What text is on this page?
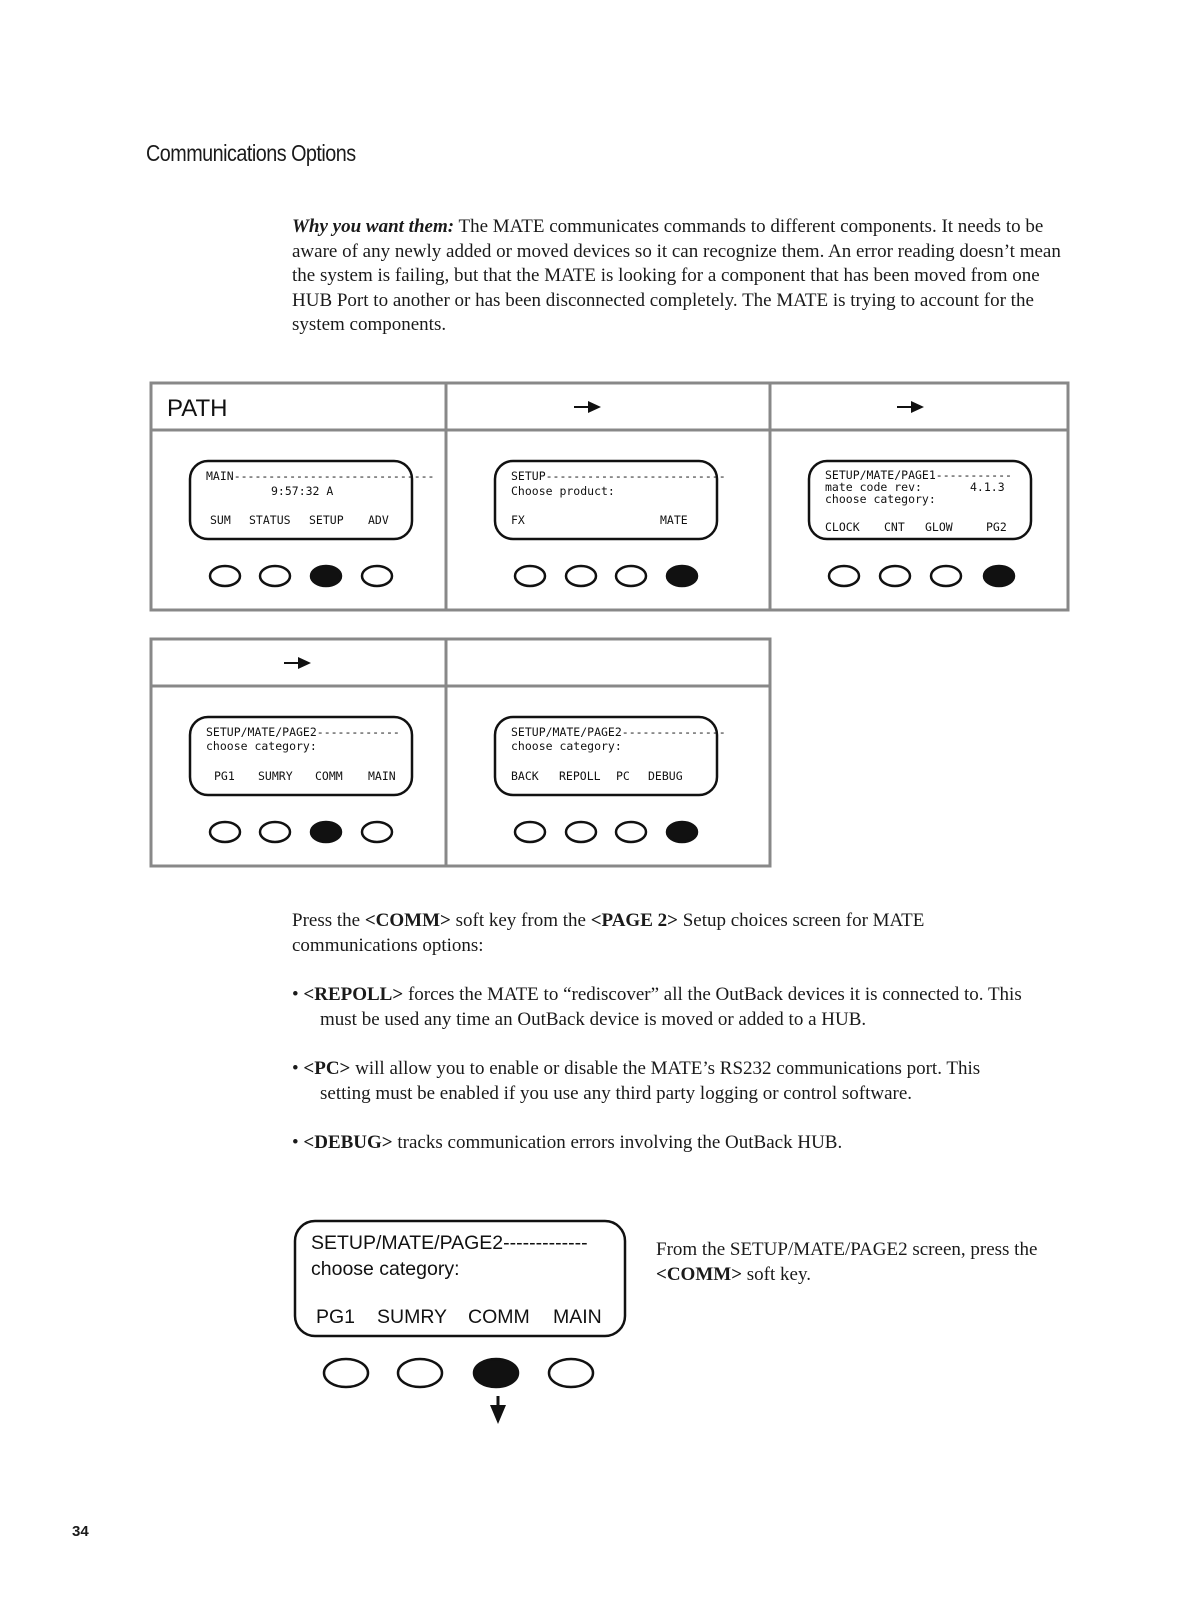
Communications Options
Why you want them: The MATE communicates commands to different components. It needs to be aware of any newly added or moved devices so it can recognize them. An error reading doesn’t mean the system is failing, but that the MATE is looking for a component that has been moved from one HUB Port to another or has been disconnected completely. The MATE is trying to account for the system components.
PATH
MAIN-----------------------------
9:57:32 A
SUM STATUS SETUP ADV
SETUP--------------------------
Choose product:
FX	MATE
SETUP/MATE/PAGE1-----------
mate code rev:	4.1.3
choose category:
CLOCK CNT GLOW	PG2
SETUP/MATE/PAGE2------------
choose category:
PG1 SUMRY COMM MAIN
SETUP/MATE/PAGE2---------------
choose category:
BACK REPOLL PC DEBUG
SETUP/MATE/PAGE2-------------
choose category:
PG1 SUMRY COMM MAIN
Press the <COMM> soft key from the <PAGE 2> Setup choices screen for MATE communications options:
• <REPOLL> forces the MATE to “rediscover” all the OutBack devices it is connected to. This
must be used any time an OutBack device is moved or added to a HUB.
• <PC> will allow you to enable or disable the MATE’s RS232 communications port. This
setting must be enabled if you use any third party logging or control software.
• <DEBUG> tracks communication errors involving the OutBack HUB.
From the SETUP/MATE/PAGE2 screen, press the <COMM> soft key.
34
